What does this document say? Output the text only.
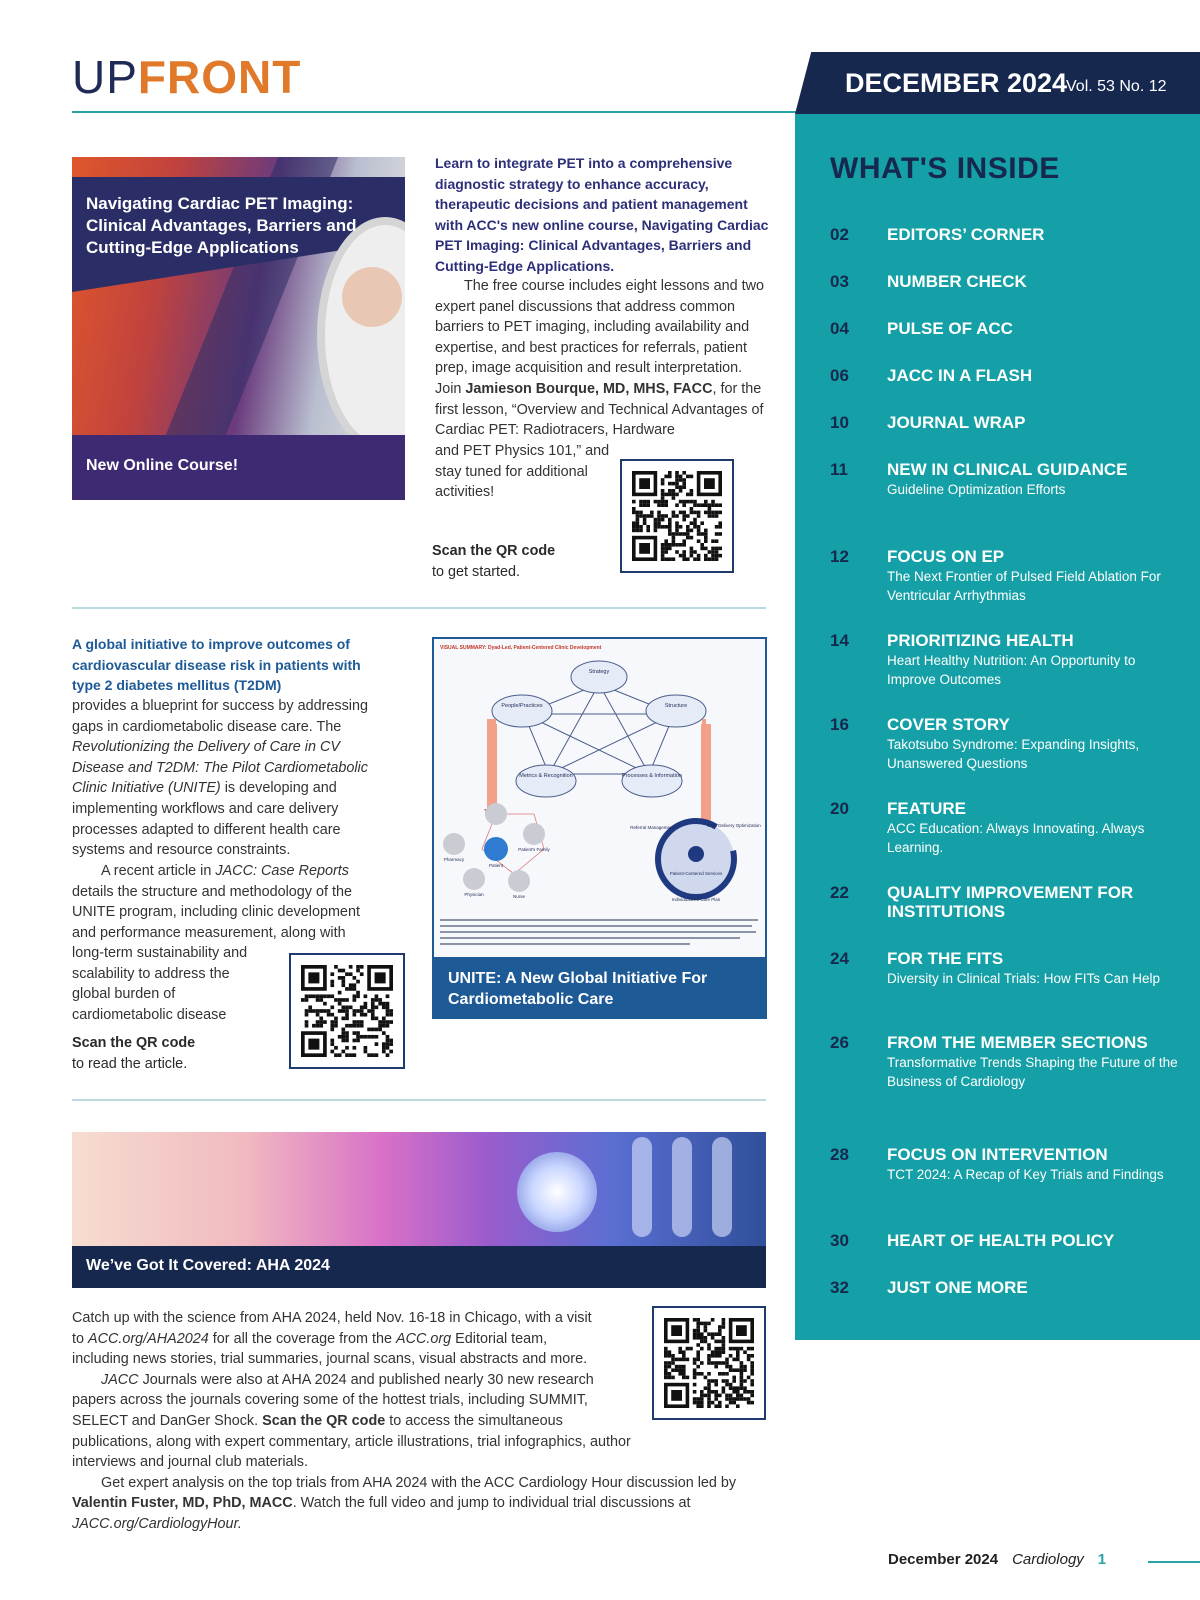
UPFRONT	DECEMBER 2024
Vol. 53 No. 12
WHAT'S INSIDE
02 EDITORS’ CORNER
03 NUMBER CHECK
04 PULSE OF ACC
06 JACC IN A FLASH
10 JOURNAL WRAP
11 NEW IN CLINICAL GUIDANCE
Guideline Optimization Efforts
12 FOCUS ON EP
The Next Frontier of Pulsed Field Ablation For Ventricular Arrhythmias
14 PRIORITIZING HEALTH
Heart Healthy Nutrition: An Opportunity to Improve Outcomes
16 COVER STORY
Takotsubo Syndrome: Expanding Insights, Unanswered Questions
20 FEATURE
ACC Education: Always Innovating. Always Learning.
22 QUALITY IMPROVEMENT FOR INSTITUTIONS
24 FOR THE FITS
Diversity in Clinical Trials: How FITs Can Help
26 FROM THE MEMBER SECTIONS
Transformative Trends Shaping the Future of the Business of Cardiology
28 FOCUS ON INTERVENTION
TCT 2024: A Recap of Key Trials and Findings
30 HEART OF HEALTH POLICY
32 JUST ONE MORE
Navigating Cardiac PET Imaging: Clinical Advantages, Barriers and Cutting-Edge Applications
New Online Course!
Learn to integrate PET into a comprehensive diagnostic strategy to enhance accuracy, therapeutic decisions and patient management with ACC's new online course, Navigating Cardiac PET Imaging: Clinical Advantages, Barriers and Cutting-Edge Applications.
The free course includes eight lessons and two expert panel discussions that address common barriers to PET imaging, including availability and expertise, and best practices for referrals, patient prep, image acquisition and result interpretation. Join Jamieson Bourque, MD, MHS, FACC, for the first lesson, “Overview and Technical Advantages of Cardiac PET: Radiotracers, Hardware
and PET Physics 101,” and stay tuned for additional activities!
Scan the QR code
to get started.
A global initiative to improve outcomes of cardiovascular disease risk in patients with type 2 diabetes mellitus (T2DM)
provides a blueprint for success by addressing gaps in cardiometabolic disease care. The Revolutionizing the Delivery of Care in CV Disease and T2DM: The Pilot Cardiometabolic Clinic Initiative (UNITE) is developing and implementing workflows and care delivery processes adapted to different health care systems and resource constraints.
A recent article in JACC: Case Reports details the structure and methodology of the UNITE program, including clinic development and performance measurement, along with
long-term sustainability and scalability to address the global burden of cardiometabolic disease
Scan the QR code
to read the article.
VISUAL SUMMARY: Dyad-Led, Patient-Centered Clinic Development
Strategy
People/Practices	Structure
Metrics & Recognition	Processes & Information
Pharmacy
Patient
Patient's Family
Physician	Nurse
Referral Management	Care Delivery Optimization
Patient-Centered Services
Individualized Care Plan
UNITE: A New Global Initiative For Cardiometabolic Care
We’ve Got It Covered: AHA 2024
Catch up with the science from AHA 2024, held Nov. 16-18 in Chicago, with a visit to ACC.org/AHA2024 for all the coverage from the ACC.org Editorial team, including news stories, trial summaries, journal scans, visual abstracts and more.
JACC Journals were also at AHA 2024 and published nearly 30 new research papers across the journals covering some of the hottest trials, including SUMMIT, SELECT and DanGer Shock. Scan the QR code to access the simultaneous publications, along with expert commentary, article illustrations, trial infographics, author interviews and journal club materials.
Get expert analysis on the top trials from AHA 2024 with the ACC Cardiology Hour discussion led by Valentin Fuster, MD, PhD, MACC. Watch the full video and jump to individual trial discussions at JACC.org/CardiologyHour.
December 2024 Cardiology 1
